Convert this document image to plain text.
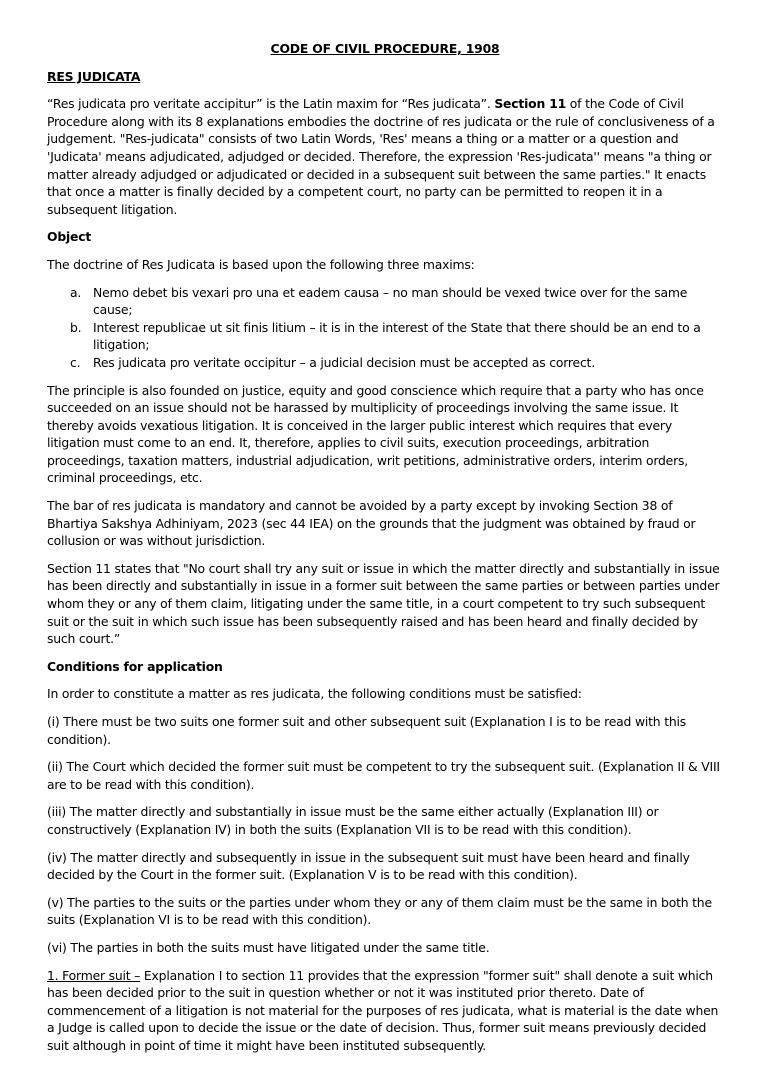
CODE OF CIVIL PROCEDURE, 1908
RES JUDICATA

“Res judicata pro veritate accipitur” is the Latin maxim for “Res judicata”. Section 11 of the Code of Civil Procedure along with its 8 explanations embodies the doctrine of res judicata or the rule of conclusiveness of a judgement. "Res-judicata" consists of two Latin Words, 'Res' means a thing or a matter or a question and 'Judicata' means adjudicated, adjudged or decided. Therefore, the expression 'Res-judicata'' means "a thing or matter already adjudged or adjudicated or decided in a subsequent suit between the same parties." It enacts that once a matter is finally decided by a competent court, no party can be permitted to reopen it in a subsequent litigation.

Object

The doctrine of Res Judicata is based upon the following three maxims:

a. Nemo debet bis vexari pro una et eadem causa – no man should be vexed twice over for the same cause;
b. Interest republicae ut sit finis litium – it is in the interest of the State that there should be an end to a litigation;
c. Res judicata pro veritate occipitur – a judicial decision must be accepted as correct.

The principle is also founded on justice, equity and good conscience which require that a party who has once succeeded on an issue should not be harassed by multiplicity of proceedings involving the same issue. It thereby avoids vexatious litigation. It is conceived in the larger public interest which requires that every litigation must come to an end. It, therefore, applies to civil suits, execution proceedings, arbitration proceedings, taxation matters, industrial adjudication, writ petitions, administrative orders, interim orders, criminal proceedings, etc.

The bar of res judicata is mandatory and cannot be avoided by a party except by invoking Section 38 of Bhartiya Sakshya Adhiniyam, 2023 (sec 44 IEA) on the grounds that the judgment was obtained by fraud or collusion or was without jurisdiction.

Section 11 states that "No court shall try any suit or issue in which the matter directly and substantially in issue has been directly and substantially in issue in a former suit between the same parties or between parties under whom they or any of them claim, litigating under the same title, in a court competent to try such subsequent suit or the suit in which such issue has been subsequently raised and has been heard and finally decided by such court.”

Conditions for application

In order to constitute a matter as res judicata, the following conditions must be satisfied:

(i) There must be two suits one former suit and other subsequent suit (Explanation I is to be read with this condition).

(ii) The Court which decided the former suit must be competent to try the subsequent suit. (Explanation II & VIII are to be read with this condition).

(iii) The matter directly and substantially in issue must be the same either actually (Explanation III) or constructively (Explanation IV) in both the suits (Explanation VII is to be read with this condition).

(iv) The matter directly and subsequently in issue in the subsequent suit must have been heard and finally decided by the Court in the former suit. (Explanation V is to be read with this condition).

(v) The parties to the suits or the parties under whom they or any of them claim must be the same in both the suits (Explanation VI is to be read with this condition).

(vi) The parties in both the suits must have litigated under the same title.

1. Former suit – Explanation I to section 11 provides that the expression "former suit" shall denote a suit which has been decided prior to the suit in question whether or not it was instituted prior thereto. Date of commencement of a litigation is not material for the purposes of res judicata, what is material is the date when a Judge is called upon to decide the issue or the date of decision. Thus, former suit means previously decided suit although in point of time it might have been instituted subsequently.
